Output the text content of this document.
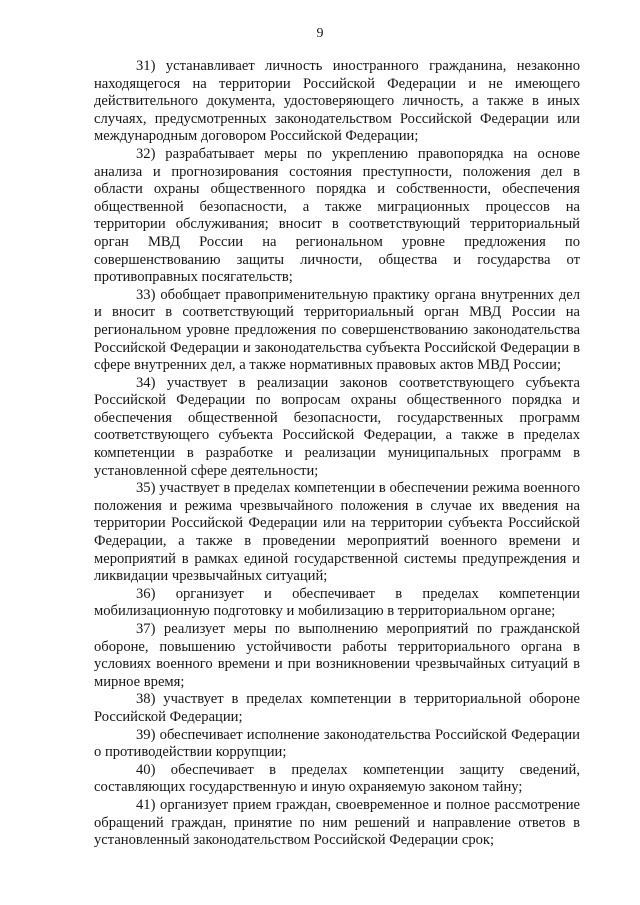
9

31) устанавливает личность иностранного гражданина, незаконно находящегося на территории Российской Федерации и не имеющего действительного документа, удостоверяющего личность, а также в иных случаях, предусмотренных законодательством Российской Федерации или международным договором Российской Федерации;

32) разрабатывает меры по укреплению правопорядка на основе анализа и прогнозирования состояния преступности, положения дел в области охраны общественного порядка и собственности, обеспечения общественной безопасности, а также миграционных процессов на территории обслуживания; вносит в соответствующий территориальный орган МВД России на региональном уровне предложения по совершенствованию защиты личности, общества и государства от противоправных посягательств;

33) обобщает правоприменительную практику органа внутренних дел и вносит в соответствующий территориальный орган МВД России на региональном уровне предложения по совершенствованию законодательства Российской Федерации и законодательства субъекта Российской Федерации в сфере внутренних дел, а также нормативных правовых актов МВД России;

34) участвует в реализации законов соответствующего субъекта Российской Федерации по вопросам охраны общественного порядка и обеспечения общественной безопасности, государственных программ соответствующего субъекта Российской Федерации, а также в пределах компетенции в разработке и реализации муниципальных программ в установленной сфере деятельности;

35) участвует в пределах компетенции в обеспечении режима военного положения и режима чрезвычайного положения в случае их введения на территории Российской Федерации или на территории субъекта Российской Федерации, а также в проведении мероприятий военного времени и мероприятий в рамках единой государственной системы предупреждения и ликвидации чрезвычайных ситуаций;

36) организует и обеспечивает в пределах компетенции мобилизационную подготовку и мобилизацию в территориальном органе;

37) реализует меры по выполнению мероприятий по гражданской обороне, повышению устойчивости работы территориального органа в условиях военного времени и при возникновении чрезвычайных ситуаций в мирное время;

38) участвует в пределах компетенции в территориальной обороне Российской Федерации;

39) обеспечивает исполнение законодательства Российской Федерации о противодействии коррупции;

40) обеспечивает в пределах компетенции защиту сведений, составляющих государственную и иную охраняемую законом тайну;

41) организует прием граждан, своевременное и полное рассмотрение обращений граждан, принятие по ним решений и направление ответов в установленный законодательством Российской Федерации срок;
